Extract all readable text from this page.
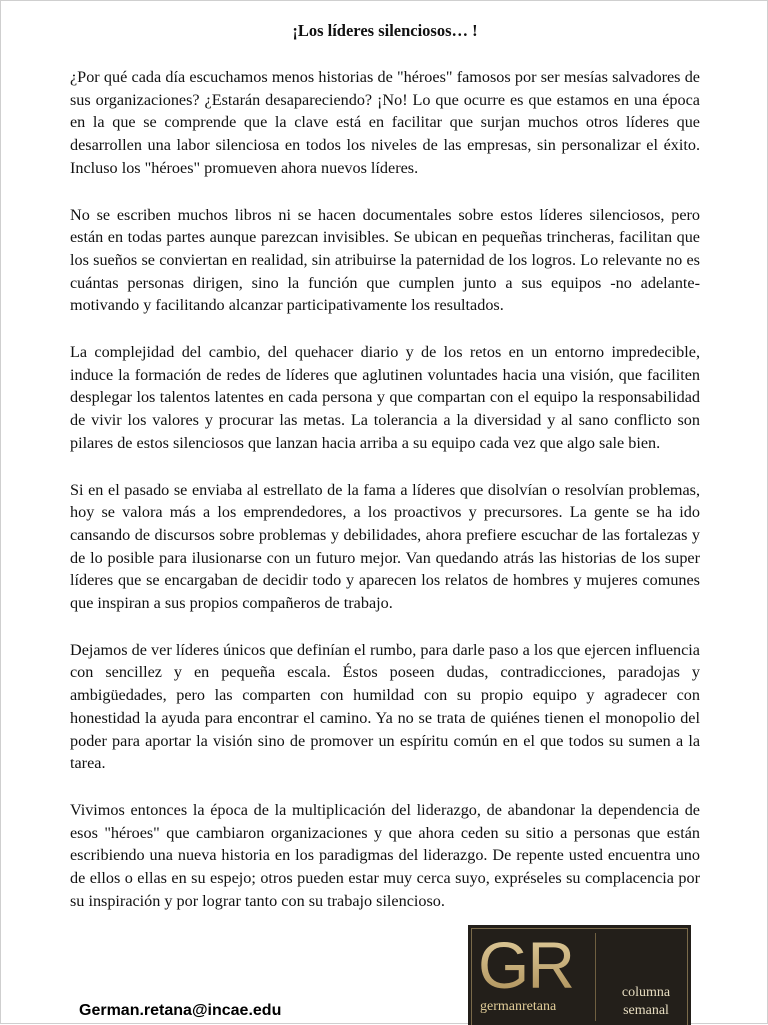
¡Los líderes silenciosos… !

¿Por qué cada día escuchamos menos historias de "héroes" famosos por ser mesías salvadores de sus organizaciones? ¿Estarán desapareciendo? ¡No! Lo que ocurre es que estamos en una época en la que se comprende que la clave está en facilitar que surjan muchos otros líderes que desarrollen una labor silenciosa en todos los niveles de las empresas, sin personalizar el éxito. Incluso los "héroes" promueven ahora nuevos líderes.

No se escriben muchos libros ni se hacen documentales sobre estos líderes silenciosos, pero están en todas partes aunque parezcan invisibles. Se ubican en pequeñas trincheras, facilitan que los sueños se conviertan en realidad, sin atribuirse la paternidad de los logros. Lo relevante no es cuántas personas dirigen, sino la función que cumplen junto a sus equipos -no adelante- motivando y facilitando alcanzar participativamente los resultados.

La complejidad del cambio, del quehacer diario y de los retos en un entorno impredecible, induce la formación de redes de líderes que aglutinen voluntades hacia una visión, que faciliten desplegar los talentos latentes en cada persona y que compartan con el equipo la responsabilidad de vivir los valores y procurar las metas. La tolerancia a la diversidad y al sano conflicto son pilares de estos silenciosos que lanzan hacia arriba a su equipo cada vez que algo sale bien.

Si en el pasado se enviaba al estrellato de la fama a líderes que disolvían o resolvían problemas, hoy se valora más a los emprendedores, a los proactivos y precursores. La gente se ha ido cansando de discursos sobre problemas y debilidades, ahora prefiere escuchar de las fortalezas y de lo posible para ilusionarse con un futuro mejor. Van quedando atrás las historias de los super líderes que se encargaban de decidir todo y aparecen los relatos de hombres y mujeres comunes que inspiran a sus propios compañeros de trabajo.

Dejamos de ver líderes únicos que definían el rumbo, para darle paso a los que ejercen influencia con sencillez y en pequeña escala. Éstos poseen dudas, contradicciones, paradojas y ambigüedades, pero las comparten con humildad con su propio equipo y agradecer con honestidad la ayuda para encontrar el camino. Ya no se trata de quiénes tienen el monopolio del poder para aportar la visión sino de promover un espíritu común en el que todos su sumen a la tarea.

Vivimos entonces la época de la multiplicación del liderazgo, de abandonar la dependencia de esos "héroes" que cambiaron organizaciones y que ahora ceden su sitio a personas que están escribiendo una nueva historia en los paradigmas del liderazgo. De repente usted encuentra uno de ellos o ellas en su espejo; otros pueden estar muy cerca suyo, expréseles su complacencia por su inspiración y por lograr tanto con su trabajo silencioso.

German.retana@incae.edu
GR
germanretana
columna
semanal
